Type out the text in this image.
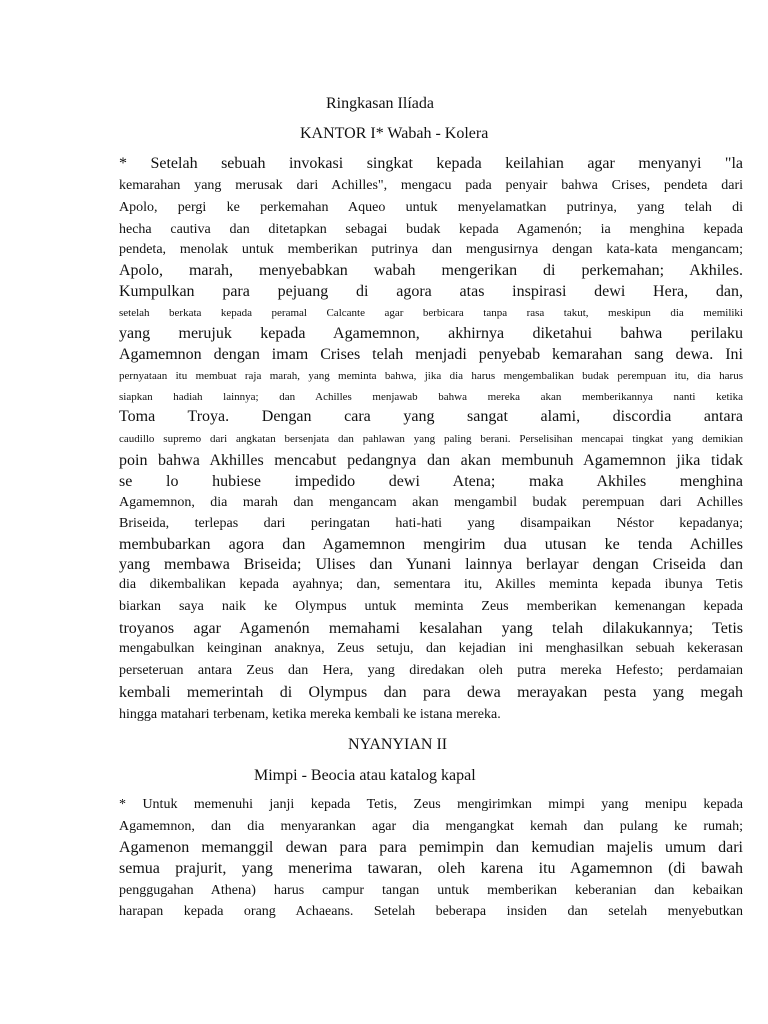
Ringkasan Ilíada
KANTOR I* Wabah - Kolera
* Setelah sebuah invokasi singkat kepada keilahian agar menyanyi "la
kemarahan yang merusak dari Achilles", mengacu pada penyair bahwa Crises, pendeta dari
Apolo, pergi ke perkemahan Aqueo untuk menyelamatkan putrinya, yang telah di
hecha cautiva dan ditetapkan sebagai budak kepada Agamenón; ia menghina kepada
pendeta, menolak untuk memberikan putrinya dan mengusirnya dengan kata-kata mengancam;
Apolo, marah, menyebabkan wabah mengerikan di perkemahan; Akhiles.
Kumpulkan para pejuang di agora atas inspirasi dewi Hera, dan,
setelah berkata kepada peramal Calcante agar berbicara tanpa rasa takut, meskipun dia memiliki
yang merujuk kepada Agamemnon, akhirnya diketahui bahwa perilaku
Agamemnon dengan imam Crises telah menjadi penyebab kemarahan sang dewa. Ini
pernyataan itu membuat raja marah, yang meminta bahwa, jika dia harus mengembalikan budak perempuan itu, dia harus
siapkan hadiah lainnya; dan Achilles menjawab bahwa mereka akan memberikannya nanti ketika
Toma Troya. Dengan cara yang sangat alami, discordia antara
caudillo supremo dari angkatan bersenjata dan pahlawan yang paling berani. Perselisihan mencapai tingkat yang demikian
poin bahwa Akhilles mencabut pedangnya dan akan membunuh Agamemnon jika tidak
se lo hubiese impedido dewi Atena; maka Akhiles menghina
Agamemnon, dia marah dan mengancam akan mengambil budak perempuan dari Achilles
Briseida, terlepas dari peringatan hati-hati yang disampaikan Néstor kepadanya;
membubarkan agora dan Agamemnon mengirim dua utusan ke tenda Achilles
yang membawa Briseida; Ulises dan Yunani lainnya berlayar dengan Criseida dan
dia dikembalikan kepada ayahnya; dan, sementara itu, Akilles meminta kepada ibunya Tetis
biarkan saya naik ke Olympus untuk meminta Zeus memberikan kemenangan kepada
troyanos agar Agamenón memahami kesalahan yang telah dilakukannya; Tetis
mengabulkan keinginan anaknya, Zeus setuju, dan kejadian ini menghasilkan sebuah kekerasan
perseteruan antara Zeus dan Hera, yang diredakan oleh putra mereka Hefesto; perdamaian
kembali memerintah di Olympus dan para dewa merayakan pesta yang megah
hingga matahari terbenam, ketika mereka kembali ke istana mereka.
NYANYIAN II
Mimpi - Beocia atau katalog kapal
* Untuk memenuhi janji kepada Tetis, Zeus mengirimkan mimpi yang menipu kepada
Agamemnon, dan dia menyarankan agar dia mengangkat kemah dan pulang ke rumah;
Agamenon memanggil dewan para para pemimpin dan kemudian majelis umum dari
semua prajurit, yang menerima tawaran, oleh karena itu Agamemnon (di bawah
penggugahan Athena) harus campur tangan untuk memberikan keberanian dan kebaikan
harapan kepada orang Achaeans. Setelah beberapa insiden dan setelah menyebutkan
